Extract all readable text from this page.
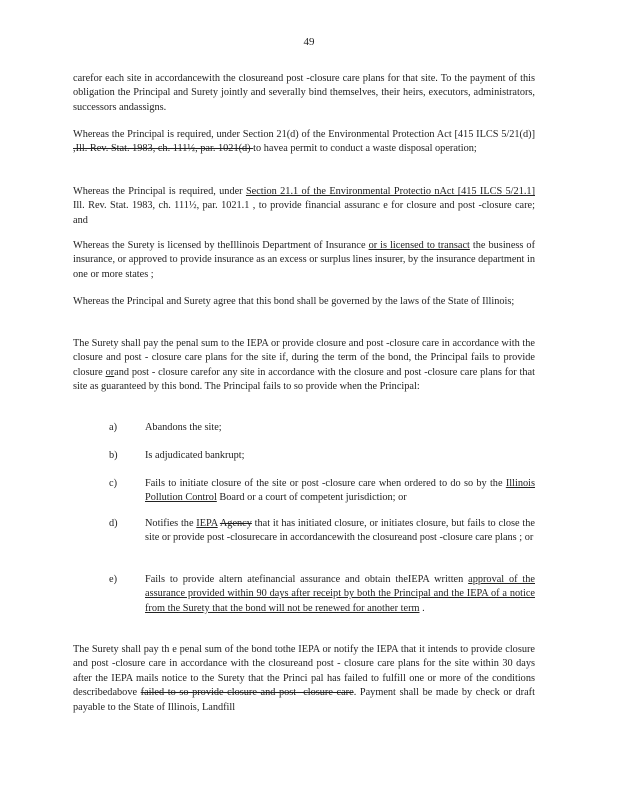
49

carefor each site in accordancewith the closureand post -closure care plans for that site. To the payment of this obligation the Principal and Surety jointly and severally bind themselves, their heirs, executors, administrators, successors andassigns.

Whereas the Principal is required, under Section 21(d) of the Environmental Protection Act [415 ILCS 5/21(d)] ,Ill. Rev. Stat. 1983, ch. 111½, par. 1021(d) to havea permit to conduct a waste disposal operation;

Whereas the Principal is required, under Section 21.1 of the Environmental Protectio nAct [415 ILCS 5/21.1] Ill. Rev. Stat. 1983, ch. 111½, par. 1021.1 , to provide financial assuranc e for closure and post -closure care; and

Whereas the Surety is licensed by theIllinois Department of Insurance or is licensed to transact the business of insurance, or approved to provide insurance as an excess or surplus lines insurer, by the insurance department in one or more states ;

Whereas the Principal and Surety agree that this bond shall be governed by the laws of the State of Illinois;

The Surety shall pay the penal sum to the IEPA or provide closure and post -closure care in accordance with the closure and post - closure care plans for the site if, during the term of the bond, the Principal fails to provide closure orand post - closure carefor any site in accordance with the closure and post -closure care plans for that site as guaranteed by this bond. The Principal fails to so provide when the Principal:

a)	Abandons the site;
b)	Is adjudicated bankrupt;
c)	Fails to initiate closure of the site or post -closure care when ordered to do so by the Illinois Pollution Control Board or a court of competent jurisdiction; or
d)	Notifies the IEPA Agency that it has initiated closure, or initiates closure, but fails to close the site or provide post -closurecare in accordancewith the closureand post -closure care plans ; or
e)	Fails to provide altern atefinancial assurance and obtain theIEPA written approval of the assurance provided within 90 days after receipt by both the Principal and the IEPA of a notice from the Surety that the bond will not be renewed for another term .

The Surety shall pay th e penal sum of the bond tothe IEPA or notify the IEPA that it intends to provide closure and post -closure care in accordance with the closureand post - closure care plans for the site within 30 days after the IEPA mails notice to the Surety that the Princi pal has failed to fulfill one or more of the conditions describedabove failed to so provide closure and post -closure care. Payment shall be made by check or draft payable to the State of Illinois, Landfill
